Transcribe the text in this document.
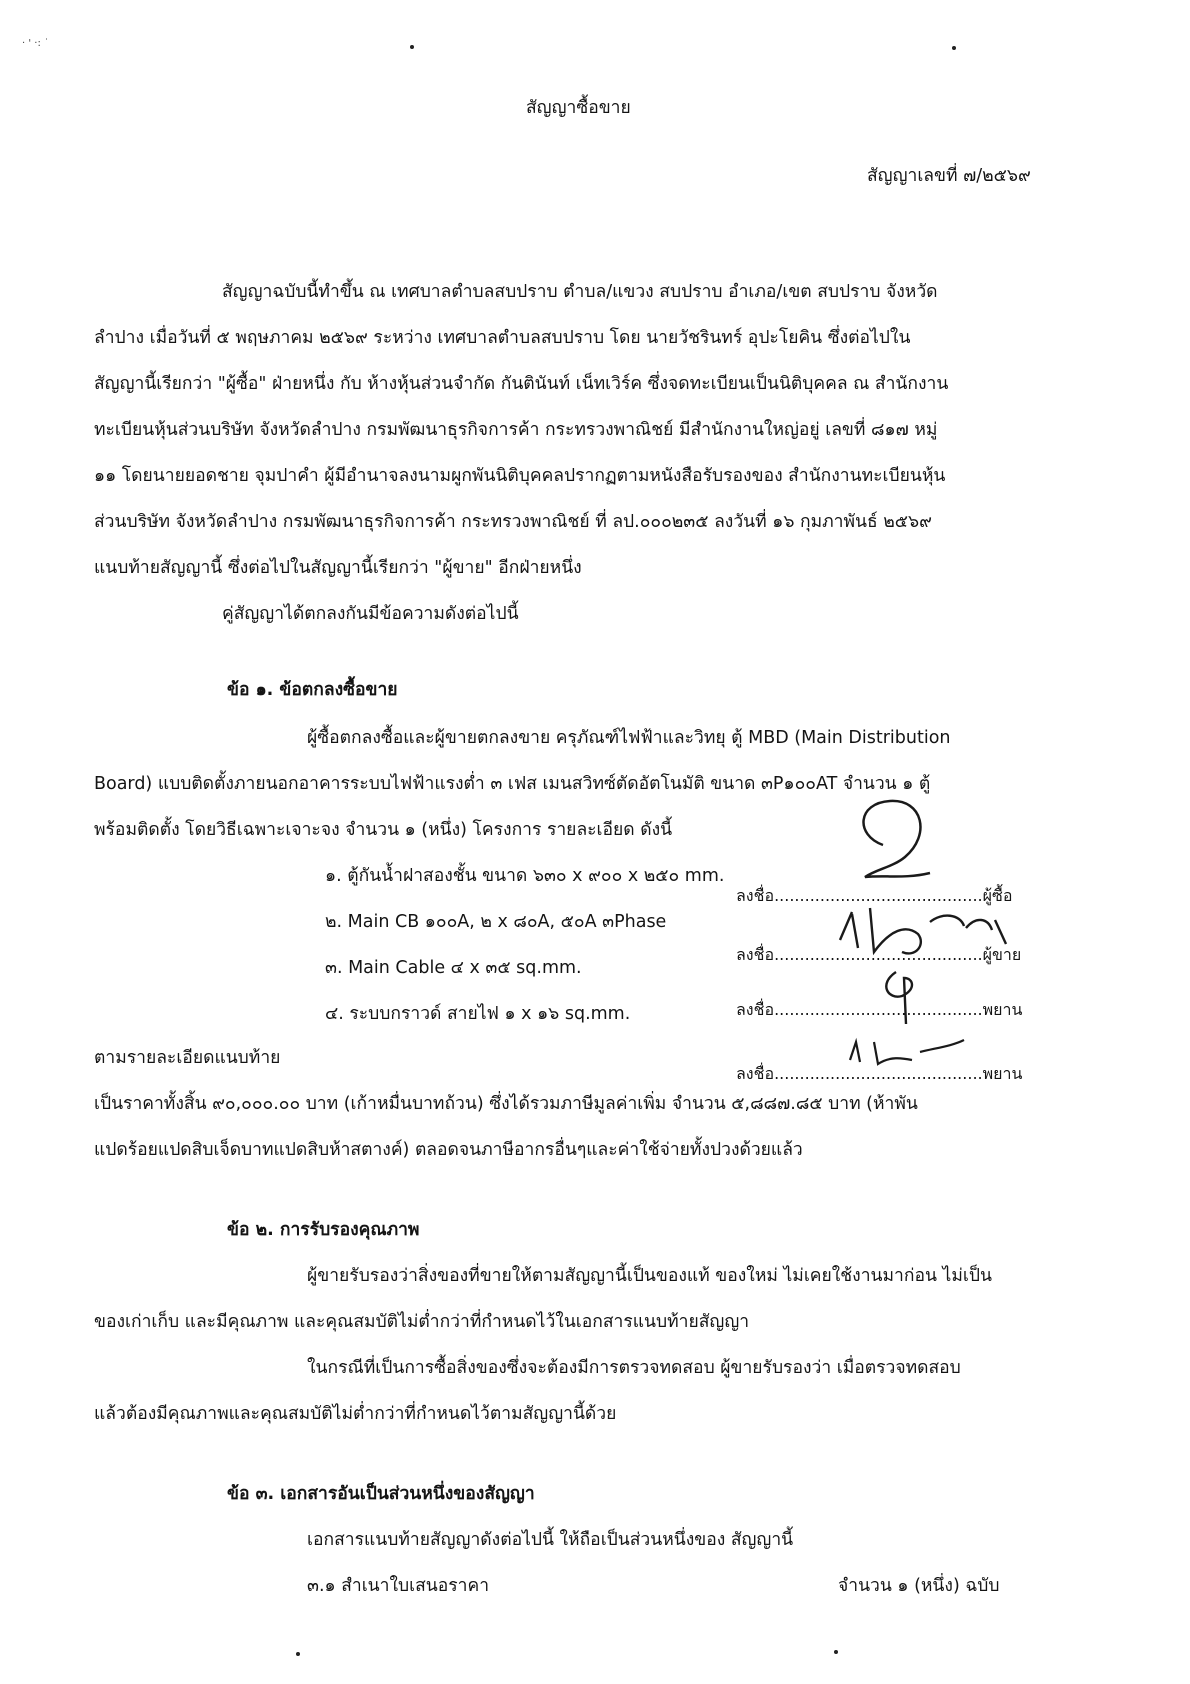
· ' ·: ˙
สัญญาซื้อขาย
สัญญาเลขที่ ๗/๒๕๖๙
สัญญาฉบับนี้ทำขึ้น ณ เทศบาลตำบลสบปราบ ตำบล/แขวง สบปราบ อำเภอ/เขต สบปราบ จังหวัด
ลำปาง เมื่อวันที่ ๕ พฤษภาคม ๒๕๖๙ ระหว่าง เทศบาลตำบลสบปราบ โดย นายวัชรินทร์ อุปะโยคิน ซึ่งต่อไปใน
สัญญานี้เรียกว่า "ผู้ซื้อ" ฝ่ายหนึ่ง กับ ห้างหุ้นส่วนจำกัด กันตินันท์ เน็ทเวิร์ค ซึ่งจดทะเบียนเป็นนิติบุคคล ณ สำนักงาน
ทะเบียนหุ้นส่วนบริษัท จังหวัดลำปาง กรมพัฒนาธุรกิจการค้า กระทรวงพาณิชย์ มีสำนักงานใหญ่อยู่ เลขที่ ๘๑๗ หมู่
๑๑ โดยนายยอดชาย จุมปาคำ ผู้มีอำนาจลงนามผูกพันนิติบุคคลปรากฏตามหนังสือรับรองของ สำนักงานทะเบียนหุ้น
ส่วนบริษัท จังหวัดลำปาง กรมพัฒนาธุรกิจการค้า กระทรวงพาณิชย์ ที่ ลป.๐๐๐๒๓๕ ลงวันที่ ๑๖ กุมภาพันธ์ ๒๕๖๙
แนบท้ายสัญญานี้ ซึ่งต่อไปในสัญญานี้เรียกว่า "ผู้ขาย" อีกฝ่ายหนึ่ง
คู่สัญญาได้ตกลงกันมีข้อความดังต่อไปนี้
ข้อ ๑. ข้อตกลงซื้อขาย
ผู้ซื้อตกลงซื้อและผู้ขายตกลงขาย ครุภัณฑ์ไฟฟ้าและวิทยุ ตู้ MBD (Main Distribution
Board) แบบติดตั้งภายนอกอาคารระบบไฟฟ้าแรงต่ำ ๓ เฟส เมนสวิทซ์ตัดอัตโนมัติ ขนาด ๓P๑๐๐AT จำนวน ๑ ตู้
พร้อมติดตั้ง โดยวิธีเฉพาะเจาะจง จำนวน ๑ (หนึ่ง) โครงการ รายละเอียด ดังนี้
๑. ตู้กันน้ำฝาสองชั้น ขนาด ๖๓๐ x ๙๐๐ x ๒๕๐ mm.
๒. Main CB ๑๐๐A, ๒ x ๘๐A, ๕๐A ๓Phase
๓. Main Cable ๔ x ๓๕ sq.mm.
๔. ระบบกราวด์ สายไฟ ๑ x ๑๖ sq.mm.
ลงชื่อ.........................................ผู้ซื้อ
ลงชื่อ.........................................ผู้ขาย
ลงชื่อ.........................................พยาน
ลงชื่อ.........................................พยาน
ตามรายละเอียดแนบท้าย
เป็นราคาทั้งสิ้น ๙๐,๐๐๐.๐๐ บาท (เก้าหมื่นบาทถ้วน) ซึ่งได้รวมภาษีมูลค่าเพิ่ม จำนวน ๕,๘๘๗.๘๕ บาท (ห้าพัน
แปดร้อยแปดสิบเจ็ดบาทแปดสิบห้าสตางค์) ตลอดจนภาษีอากรอื่นๆและค่าใช้จ่ายทั้งปวงด้วยแล้ว
ข้อ ๒. การรับรองคุณภาพ
ผู้ขายรับรองว่าสิ่งของที่ขายให้ตามสัญญานี้เป็นของแท้ ของใหม่ ไม่เคยใช้งานมาก่อน ไม่เป็น
ของเก่าเก็บ และมีคุณภาพ และคุณสมบัติไม่ต่ำกว่าที่กำหนดไว้ในเอกสารแนบท้ายสัญญา
ในกรณีที่เป็นการซื้อสิ่งของซึ่งจะต้องมีการตรวจทดสอบ ผู้ขายรับรองว่า เมื่อตรวจทดสอบ
แล้วต้องมีคุณภาพและคุณสมบัติไม่ต่ำกว่าที่กำหนดไว้ตามสัญญานี้ด้วย
ข้อ ๓. เอกสารอันเป็นส่วนหนึ่งของสัญญา
เอกสารแนบท้ายสัญญาดังต่อไปนี้ ให้ถือเป็นส่วนหนึ่งของ สัญญานี้
๓.๑ สำเนาใบเสนอราคา	จำนวน ๑ (หนึ่ง) ฉบับ
